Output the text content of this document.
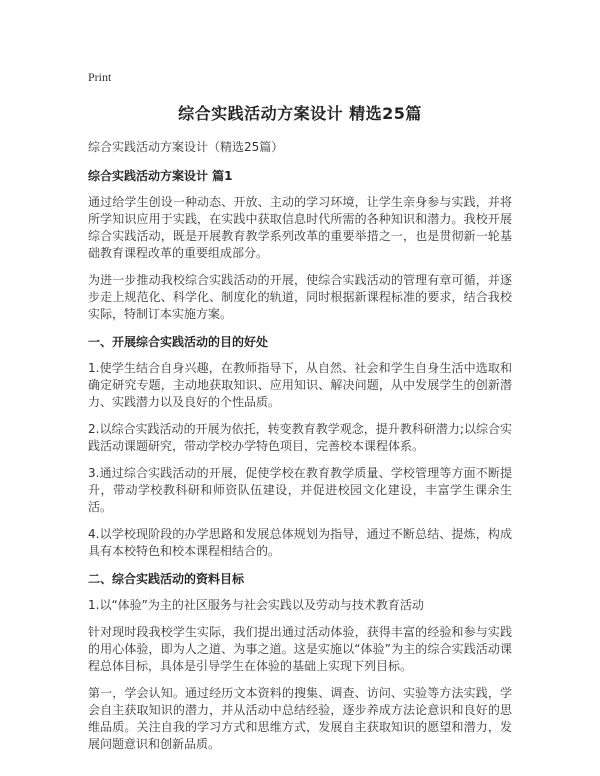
Print
综合实践活动方案设计 精选25篇

综合实践活动方案设计（精选25篇）

综合实践活动方案设计 篇1

通过给学生创设一种动态、开放、主动的学习环境，让学生亲身参与实践，并将所学知识应用于实践，在实践中获取信息时代所需的各种知识和潜力。我校开展综合实践活动，既是开展教育教学系列改革的重要举措之一，也是贯彻新一轮基础教育课程改革的重要组成部分。

为进一步推动我校综合实践活动的开展，使综合实践活动的管理有章可循，并逐步走上规范化、科学化、制度化的轨道，同时根据新课程标准的要求，结合我校实际，特制订本实施方案。

一、开展综合实践活动的目的好处

1.使学生结合自身兴趣，在教师指导下，从自然、社会和学生自身生活中选取和确定研究专题，主动地获取知识、应用知识、解决问题，从中发展学生的创新潜力、实践潜力以及良好的个性品质。

2.以综合实践活动的开展为依托，转变教育教学观念，提升教科研潜力;以综合实践活动课题研究，带动学校办学特色项目，完善校本课程体系。

3.通过综合实践活动的开展，促使学校在教育教学质量、学校管理等方面不断提升，带动学校教科研和师资队伍建设，并促进校园文化建设，丰富学生课余生活。

4.以学校现阶段的办学思路和发展总体规划为指导，通过不断总结、提炼，构成具有本校特色和校本课程相结合的。

二、综合实践活动的资料目标

1.以“体验”为主的社区服务与社会实践以及劳动与技术教育活动

针对现时段我校学生实际，我们提出通过活动体验，获得丰富的经验和参与实践的用心体验，即为人之道、为事之道。这是实施以“体验”为主的综合实践活动课程总体目标，具体是引导学生在体验的基础上实现下列目标。

第一，学会认知。通过经历文本资料的搜集、调查、访问、实验等方法实践，学会自主获取知识的潜力，并从活动中总结经验，逐步养成方法论意识和良好的思维品质。关注自我的学习方式和思维方式，发展自主获取知识的愿望和潜力，发展问题意识和创新品质。
